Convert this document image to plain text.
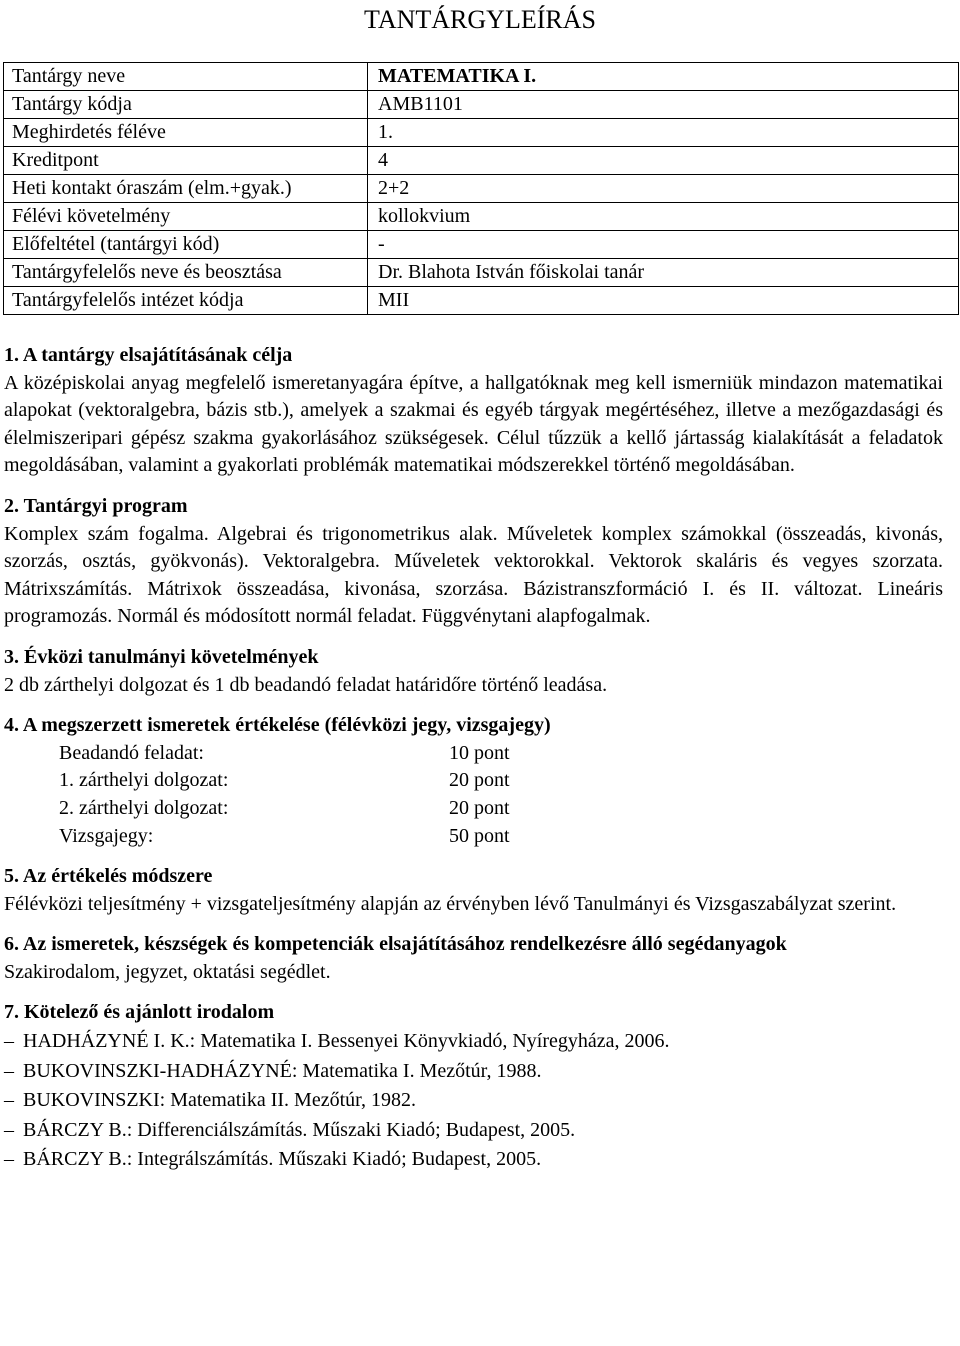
TANTÁRGYLEÍRÁS
Tantárgy neve	MATEMATIKA I.
Tantárgy kódja	AMB1101
Meghirdetés féléve	1.
Kreditpont	4
Heti kontakt óraszám (elm.+gyak.)	2+2
Félévi követelmény	kollokvium
Előfeltétel (tantárgyi kód)	-
Tantárgyfelelős neve és beosztása	Dr. Blahota István főiskolai tanár
Tantárgyfelelős intézet kódja	MII
1. A tantárgy elsajátításának célja

A középiskolai anyag megfelelő ismeretanyagára építve, a hallgatóknak meg kell ismerniük mindazon matematikai alapokat (vektoralgebra, bázis stb.), amelyek a szakmai és egyéb tárgyak megértéséhez, illetve a mezőgazdasági és élelmiszeripari gépész szakma gyakorlásához szükségesek. Célul tűzzük a kellő jártasság kialakítását a feladatok megoldásában, valamint a gyakorlati problémák matematikai módszerekkel történő megoldásában.

2. Tantárgyi program

Komplex szám fogalma. Algebrai és trigonometrikus alak. Műveletek komplex számokkal (összeadás, kivonás, szorzás, osztás, gyökvonás). Vektoralgebra. Műveletek vektorokkal. Vektorok skaláris és vegyes szorzata. Mátrixszámítás. Mátrixok összeadása, kivonása, szorzása. Bázistranszformáció I. és II. változat. Lineáris programozás. Normál és módosított normál feladat. Függvénytani alapfogalmak.

3. Évközi tanulmányi követelmények

2 db zárthelyi dolgozat és 1 db beadandó feladat határidőre történő leadása.

4. A megszerzett ismeretek értékelése (félévközi jegy, vizsgajegy)
Beadandó feladat:	10 pont
1. zárthelyi dolgozat:	20 pont
2. zárthelyi dolgozat:	20 pont
Vizsgajegy:	50 pont
5. Az értékelés módszere

Félévközi teljesítmény + vizsgateljesítmény alapján az érvényben lévő Tanulmányi és Vizsgaszabályzat szerint.

6. Az ismeretek, készségek és kompetenciák elsajátításához rendelkezésre álló segédanyagok

Szakirodalom, jegyzet, oktatási segédlet.

7. Kötelező és ajánlott irodalom
– HADHÁZYNÉ I. K.: Matematika I. Bessenyei Könyvkiadó, Nyíregyháza, 2006.
– BUKOVINSZKI-HADHÁZYNÉ: Matematika I. Mezőtúr, 1988.
– BUKOVINSZKI: Matematika II. Mezőtúr, 1982.
– BÁRCZY B.: Differenciálszámítás. Műszaki Kiadó; Budapest, 2005.
– BÁRCZY B.: Integrálszámítás. Műszaki Kiadó; Budapest, 2005.
